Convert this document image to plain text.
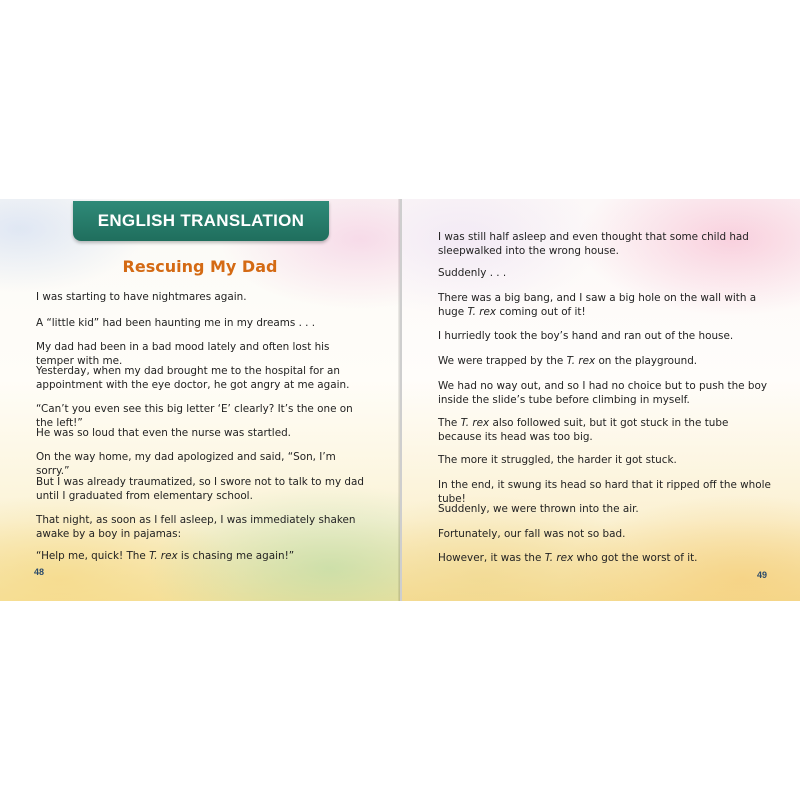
ENGLISH TRANSLATION
Rescuing My Dad

I was starting to have nightmares again.

A “little kid” had been haunting me in my dreams . . .

My dad had been in a bad mood lately and often lost his temper with me.

Yesterday, when my dad brought me to the hospital for an appointment with the eye doctor, he got angry at me again.

“Can’t you even see this big letter ‘E’ clearly? It’s the one on the left!”

He was so loud that even the nurse was startled.

On the way home, my dad apologized and said, “Son, I’m sorry.”

But I was already traumatized, so I swore not to talk to my dad until I graduated from elementary school.

That night, as soon as I fell asleep, I was immediately shaken awake by a boy in pajamas:

“Help me, quick! The T. rex is chasing me again!”

48

I was still half asleep and even thought that some child had sleepwalked into the wrong house.

Suddenly . . .

There was a big bang, and I saw a big hole on the wall with a huge T. rex coming out of it!

I hurriedly took the boy’s hand and ran out of the house.

We were trapped by the T. rex on the playground.

We had no way out, and so I had no choice but to push the boy inside the slide’s tube before climbing in myself.

The T. rex also followed suit, but it got stuck in the tube because its head was too big.

The more it struggled, the harder it got stuck.

In the end, it swung its head so hard that it ripped off the whole tube!

Suddenly, we were thrown into the air.

Fortunately, our fall was not so bad.

However, it was the T. rex who got the worst of it.

49
